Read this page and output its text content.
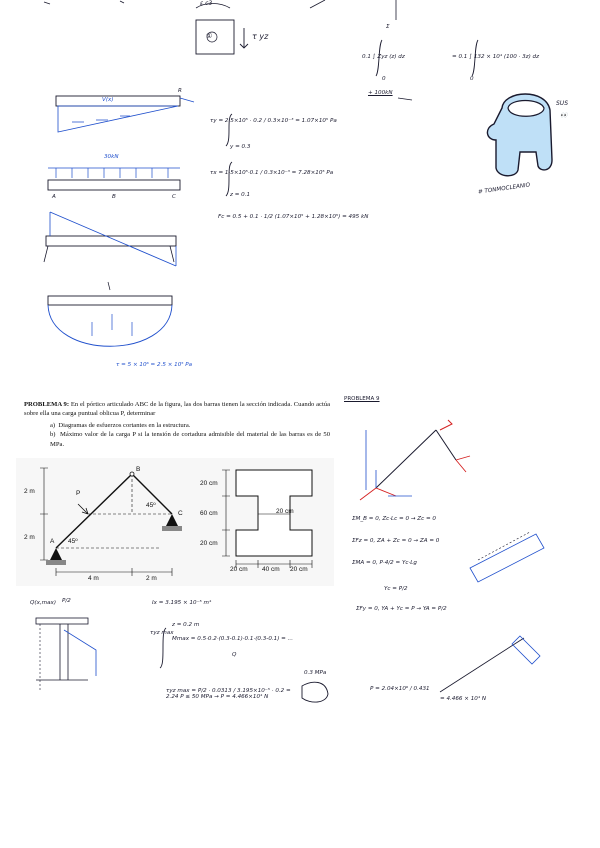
ε c3
①	τ yz
Σ
0.1 ∫ Zyz (z) dz	= 0.1 ∫ 132 × 10⁴ (100 · 3z) dz
0	0
+ 100kN
V(x)
R
τy = 2.5×10⁵ · 0.2 / 0.3×10⁻³ = 1.07×10⁵ Pa
y = 0.3
τx = 1·5×10⁵·0.1 / 0.3×10⁻³ = 7.28×10⁵ Pa
z = 0.1
Fc = 0.5 + 0.1 · 1/2 (1.07×10⁵ + 1.28×10⁵) = 495 kN
30kN
A	B	C
τ = 5 × 10⁶ = 2.5 × 10⁵ Pa
SUS
👀
# TONMOCLEANIO
PROBLEMA 9: En el pórtico articulado ABC de la figura, las dos barras tienen la sección indicada. Cuando actúa sobre ella una carga puntual oblicua P, determinar
a) Diagramas de esfuerzos cortantes en la estructura.
b) Máximo valor de la carga P si la tensión de cortadura admisible del material de las barras es de 50 MPa.
2 m
2 m
A
B
C
P
45º
45º
4 m	2 m
20 cm
60 cm
20 cm
20 cm
20 cm 40 cm 20 cm
PROBLEMA 9
ΣM_B = 0, Zc·Lc = 0 → Zc = 0
ΣFz = 0, ZA + Zc = 0 → ZA = 0
ΣMA = 0, P·4/2 = Yc·Lg
Yc = P/2
ΣFy = 0, YA + Yc = P → YA = P/2
Q(x,max) P/2	Ix = 3.195 × 10⁻⁵ m⁴
τyz max
z = 0.2 m
Mmax = 0.5·0.2·(0.3-0.1)·0.1·(0.3-0.1) = ...
Q
0.3 MPa
τyz max = P/2 · 0.0313 / 3.195×10⁻⁵ · 0.2 = 2.24 P ≤ 50 MPa → P = 4.466×10⁴ N
P = 2.04×10⁶ / 0.431
= 4.466 × 10⁴ N
